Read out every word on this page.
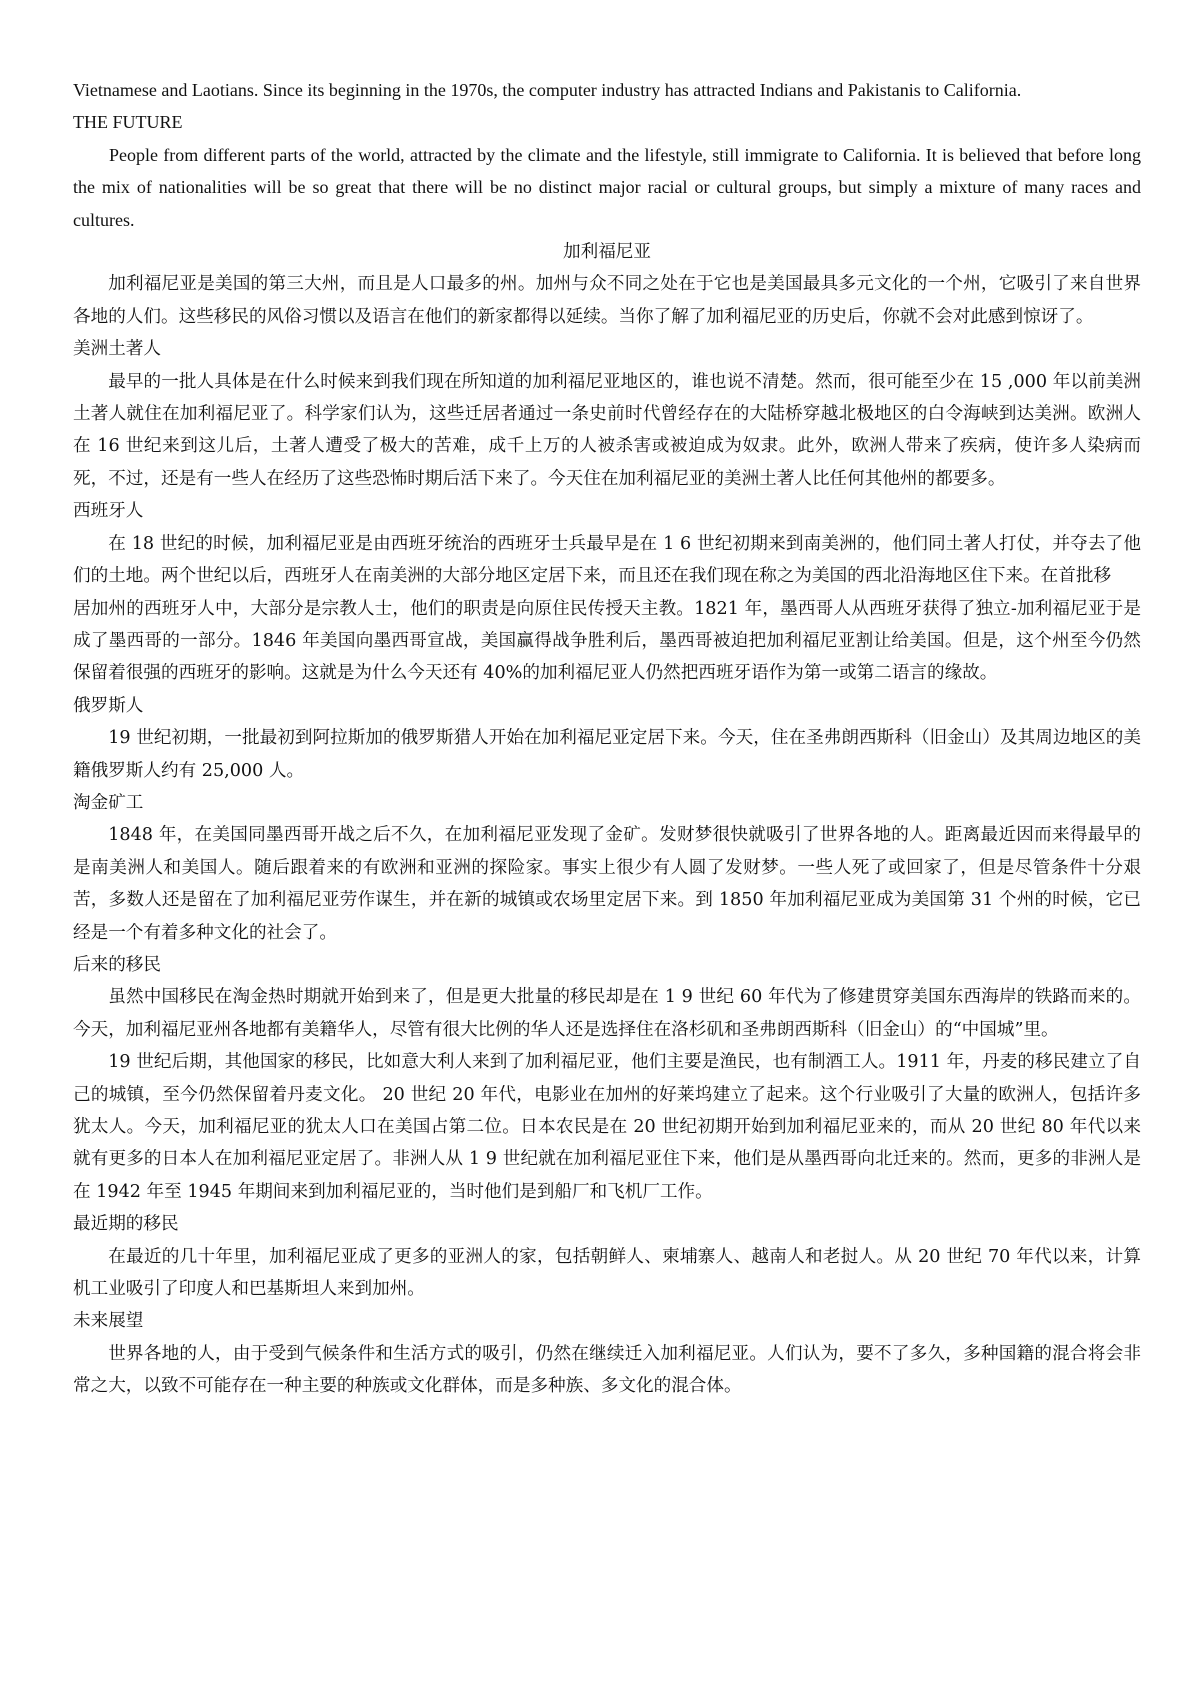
Vietnamese and Laotians. Since its beginning in the 1970s, the computer industry has attracted Indians and Pakistanis to California.

THE FUTURE

People from different parts of the world, attracted by the climate and the lifestyle, still immigrate to California. It is believed that before long the mix of nationalities will be so great that there will be no distinct major racial or cultural groups, but simply a mixture of many races and cultures.

加利福尼亚

加利福尼亚是美国的第三大州，而且是人口最多的州。加州与众不同之处在于它也是美国最具多元文化的一个州，它吸引了来自世界各地的人们。这些移民的风俗习惯以及语言在他们的新家都得以延续。当你了解了加利福尼亚的历史后，你就不会对此感到惊讶了。

美洲土著人

最早的一批人具体是在什么时候来到我们现在所知道的加利福尼亚地区的，谁也说不清楚。然而，很可能至少在 15 ,000 年以前美洲土著人就住在加利福尼亚了。科学家们认为，这些迁居者通过一条史前时代曾经存在的大陆桥穿越北极地区的白令海峡到达美洲。欧洲人在 16 世纪来到这儿后，土著人遭受了极大的苦难，成千上万的人被杀害或被迫成为奴隶。此外，欧洲人带来了疾病，使许多人染病而死，不过，还是有一些人在经历了这些恐怖时期后活下来了。今天住在加利福尼亚的美洲土著人比任何其他州的都要多。

西班牙人

在 18 世纪的时候，加利福尼亚是由西班牙统治的西班牙士兵最早是在 1 6 世纪初期来到南美洲的，他们同土著人打仗，并夺去了他们的土地。两个世纪以后，西班牙人在南美洲的大部分地区定居下来，而且还在我们现在称之为美国的西北沿海地区住下来。在首批移

居加州的西班牙人中，大部分是宗教人士，他们的职责是向原住民传授天主教。1821 年，墨西哥人从西班牙获得了独立-加利福尼亚于是成了墨西哥的一部分。1846 年美国向墨西哥宣战，美国赢得战争胜利后，墨西哥被迫把加利福尼亚割让给美国。但是，这个州至今仍然保留着很强的西班牙的影响。这就是为什么今天还有 40%的加利福尼亚人仍然把西班牙语作为第一或第二语言的缘故。

俄罗斯人

19 世纪初期，一批最初到阿拉斯加的俄罗斯猎人开始在加利福尼亚定居下来。今天，住在圣弗朗西斯科（旧金山）及其周边地区的美籍俄罗斯人约有 25,000 人。

淘金矿工

1848 年，在美国同墨西哥开战之后不久，在加利福尼亚发现了金矿。发财梦很快就吸引了世界各地的人。距离最近因而来得最早的是南美洲人和美国人。随后跟着来的有欧洲和亚洲的探险家。事实上很少有人圆了发财梦。一些人死了或回家了，但是尽管条件十分艰苦，多数人还是留在了加利福尼亚劳作谋生，并在新的城镇或农场里定居下来。到 1850 年加利福尼亚成为美国第 31 个州的时候，它已经是一个有着多种文化的社会了。

后来的移民

虽然中国移民在淘金热时期就开始到来了，但是更大批量的移民却是在 1 9 世纪 60 年代为了修建贯穿美国东西海岸的铁路而来的。今天，加利福尼亚州各地都有美籍华人，尽管有很大比例的华人还是选择住在洛杉矶和圣弗朗西斯科（旧金山）的“中国城”里。

19 世纪后期，其他国家的移民，比如意大利人来到了加利福尼亚，他们主要是渔民，也有制酒工人。1911 年，丹麦的移民建立了自己的城镇，至今仍然保留着丹麦文化。 20 世纪 20 年代，电影业在加州的好莱坞建立了起来。这个行业吸引了大量的欧洲人，包括许多犹太人。今天，加利福尼亚的犹太人口在美国占第二位。日本农民是在 20 世纪初期开始到加利福尼亚来的，而从 20 世纪 80 年代以来就有更多的日本人在加利福尼亚定居了。非洲人从 1 9 世纪就在加利福尼亚住下来，他们是从墨西哥向北迁来的。然而，更多的非洲人是在 1942 年至 1945 年期间来到加利福尼亚的，当时他们是到船厂和飞机厂工作。

最近期的移民

在最近的几十年里，加利福尼亚成了更多的亚洲人的家，包括朝鲜人、柬埔寨人、越南人和老挝人。从 20 世纪 70 年代以来，计算机工业吸引了印度人和巴基斯坦人来到加州。

未来展望

世界各地的人，由于受到气候条件和生活方式的吸引，仍然在继续迁入加利福尼亚。人们认为，要不了多久，多种国籍的混合将会非常之大，以致不可能存在一种主要的种族或文化群体，而是多种族、多文化的混合体。
